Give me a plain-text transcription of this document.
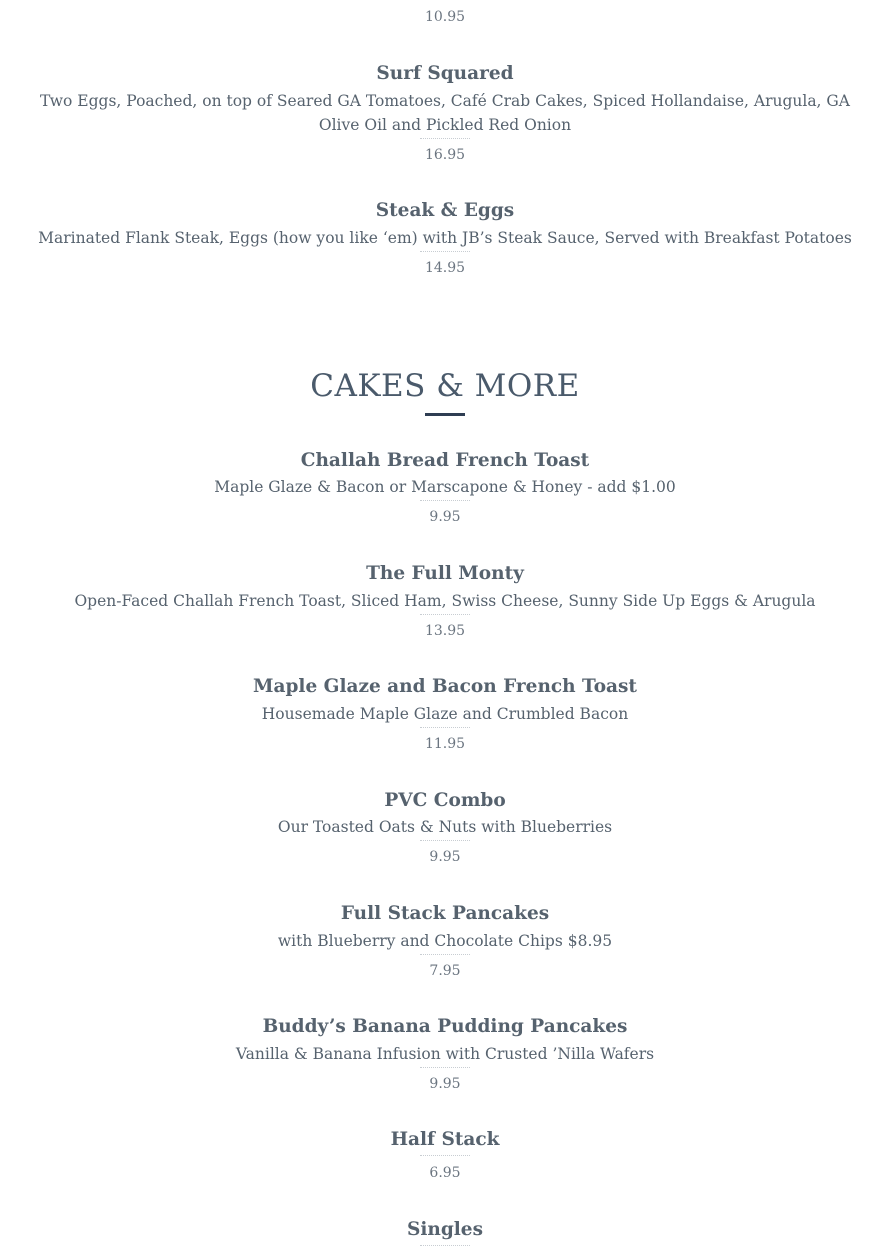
10.95
Surf Squared
Two Eggs, Poached, on top of Seared GA Tomatoes, Café Crab Cakes, Spiced Hollandaise, Arugula, GA Olive Oil and Pickled Red Onion
16.95
Steak & Eggs
Marinated Flank Steak, Eggs (how you like ‘em) with JB’s Steak Sauce, Served with Breakfast Potatoes
14.95
CAKES & MORE
Challah Bread French Toast
Maple Glaze & Bacon or Marscapone & Honey - add $1.00
9.95
The Full Monty
Open-Faced Challah French Toast, Sliced Ham, Swiss Cheese, Sunny Side Up Eggs & Arugula
13.95
Maple Glaze and Bacon French Toast
Housemade Maple Glaze and Crumbled Bacon
11.95
PVC Combo
Our Toasted Oats & Nuts with Blueberries
9.95
Full Stack Pancakes
with Blueberry and Chocolate Chips $8.95
7.95
Buddy’s Banana Pudding Pancakes
Vanilla & Banana Infusion with Crusted ’Nilla Wafers
9.95
Half Stack
6.95
Singles
